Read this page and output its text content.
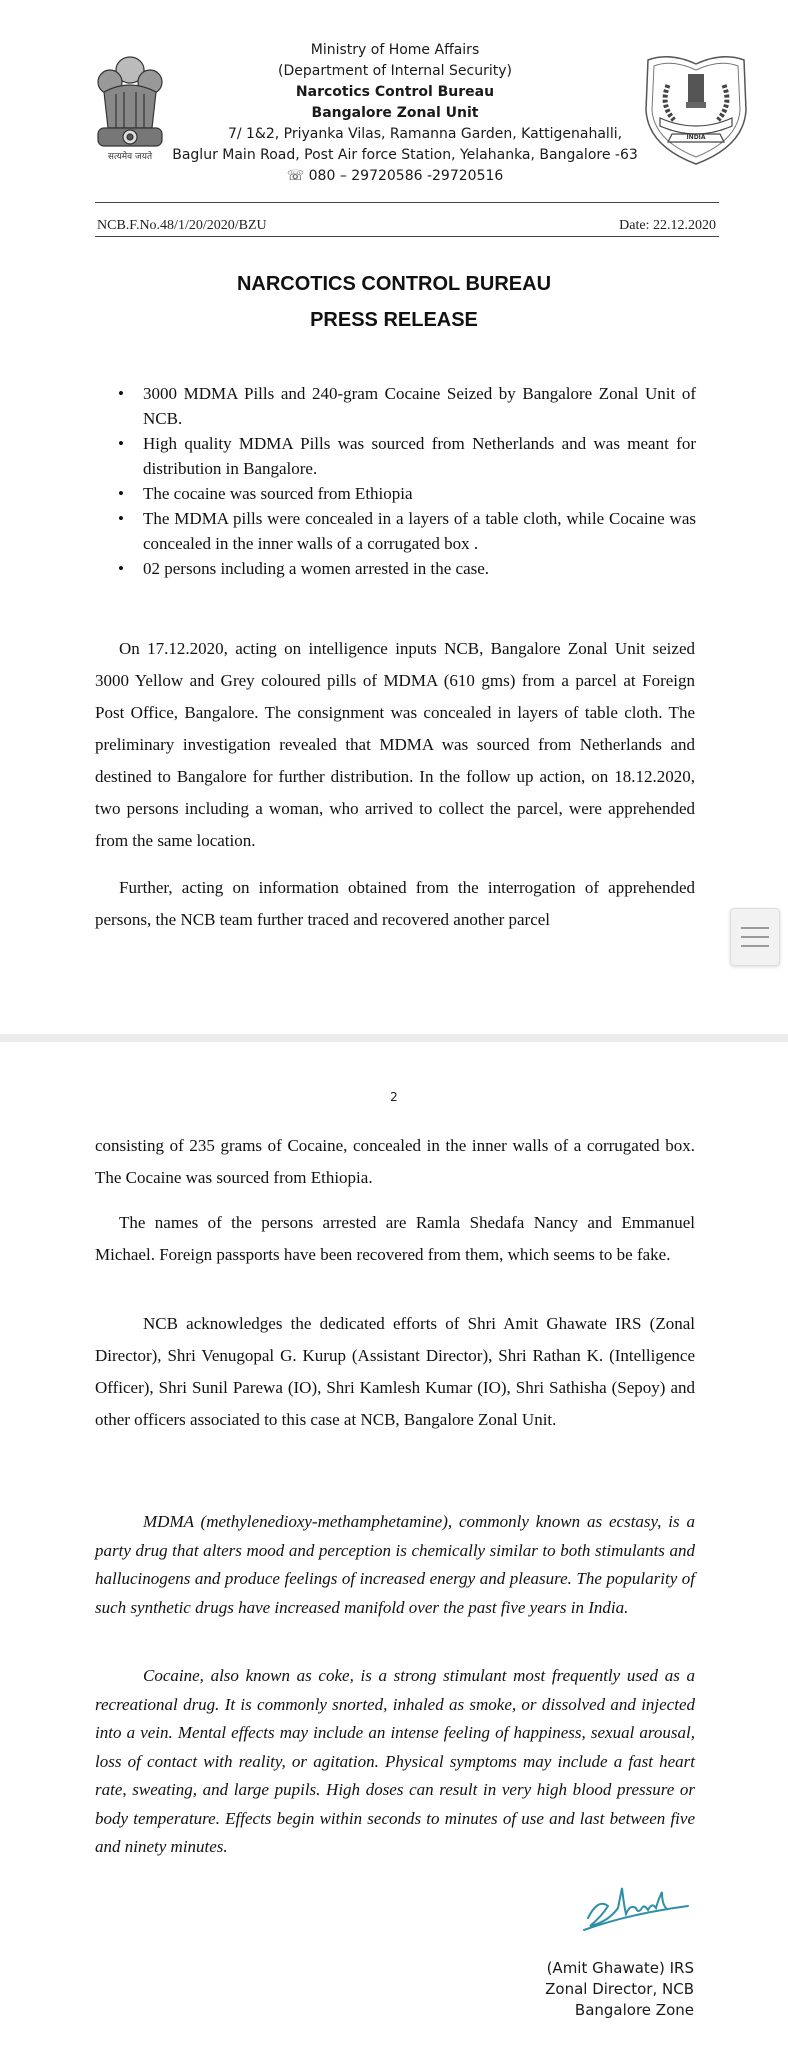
सत्यमेव जयते
INDIA
Ministry of Home Affairs
(Department of Internal Security)
Narcotics Control Bureau
Bangalore Zonal Unit
7/ 1&2, Priyanka Vilas, Ramanna Garden, Kattigenahalli,
Baglur Main Road, Post Air force Station, Yelahanka, Bangalore -63
☏ 080 – 29720586 -29720516
NCB.F.No.48/1/20/2020/BZU	Date: 22.12.2020
NARCOTICS CONTROL BUREAU
PRESS RELEASE
• 3000 MDMA Pills and 240-gram Cocaine Seized by Bangalore Zonal Unit of NCB.
• High quality MDMA Pills was sourced from Netherlands and was meant for distribution in Bangalore.
• The cocaine was sourced from Ethiopia
• The MDMA pills were concealed in a layers of a table cloth, while Cocaine was concealed in the inner walls of a corrugated box .
• 02 persons including a women arrested in the case.

On 17.12.2020, acting on intelligence inputs NCB, Bangalore Zonal Unit seized 3000 Yellow and Grey coloured pills of MDMA (610 gms) from a parcel at Foreign Post Office, Bangalore. The consignment was concealed in layers of table cloth. The preliminary investigation revealed that MDMA was sourced from Netherlands and destined to Bangalore for further distribution. In the follow up action, on 18.12.2020, two persons including a woman, who arrived to collect the parcel, were apprehended from the same location.

Further, acting on information obtained from the interrogation of apprehended persons, the NCB team further traced and recovered another parcel

2

consisting of 235 grams of Cocaine, concealed in the inner walls of a corrugated box. The Cocaine was sourced from Ethiopia.

The names of the persons arrested are Ramla Shedafa Nancy and Emmanuel Michael. Foreign passports have been recovered from them, which seems to be fake.

NCB acknowledges the dedicated efforts of Shri Amit Ghawate IRS (Zonal Director), Shri Venugopal G. Kurup (Assistant Director), Shri Rathan K. (Intelligence Officer), Shri Sunil Parewa (IO), Shri Kamlesh Kumar (IO), Shri Sathisha (Sepoy) and other officers associated to this case at NCB, Bangalore Zonal Unit.

MDMA (methylenedioxy-methamphetamine), commonly known as ecstasy, is a party drug that alters mood and perception is chemically similar to both stimulants and hallucinogens and produce feelings of increased energy and pleasure. The popularity of such synthetic drugs have increased manifold over the past five years in India.

Cocaine, also known as coke, is a strong stimulant most frequently used as a recreational drug. It is commonly snorted, inhaled as smoke, or dissolved and injected into a vein. Mental effects may include an intense feeling of happiness, sexual arousal, loss of contact with reality, or agitation. Physical symptoms may include a fast heart rate, sweating, and large pupils. High doses can result in very high blood pressure or body temperature. Effects begin within seconds to minutes of use and last between five and ninety minutes.

(Amit Ghawate) IRS
Zonal Director, NCB
Bangalore Zone
